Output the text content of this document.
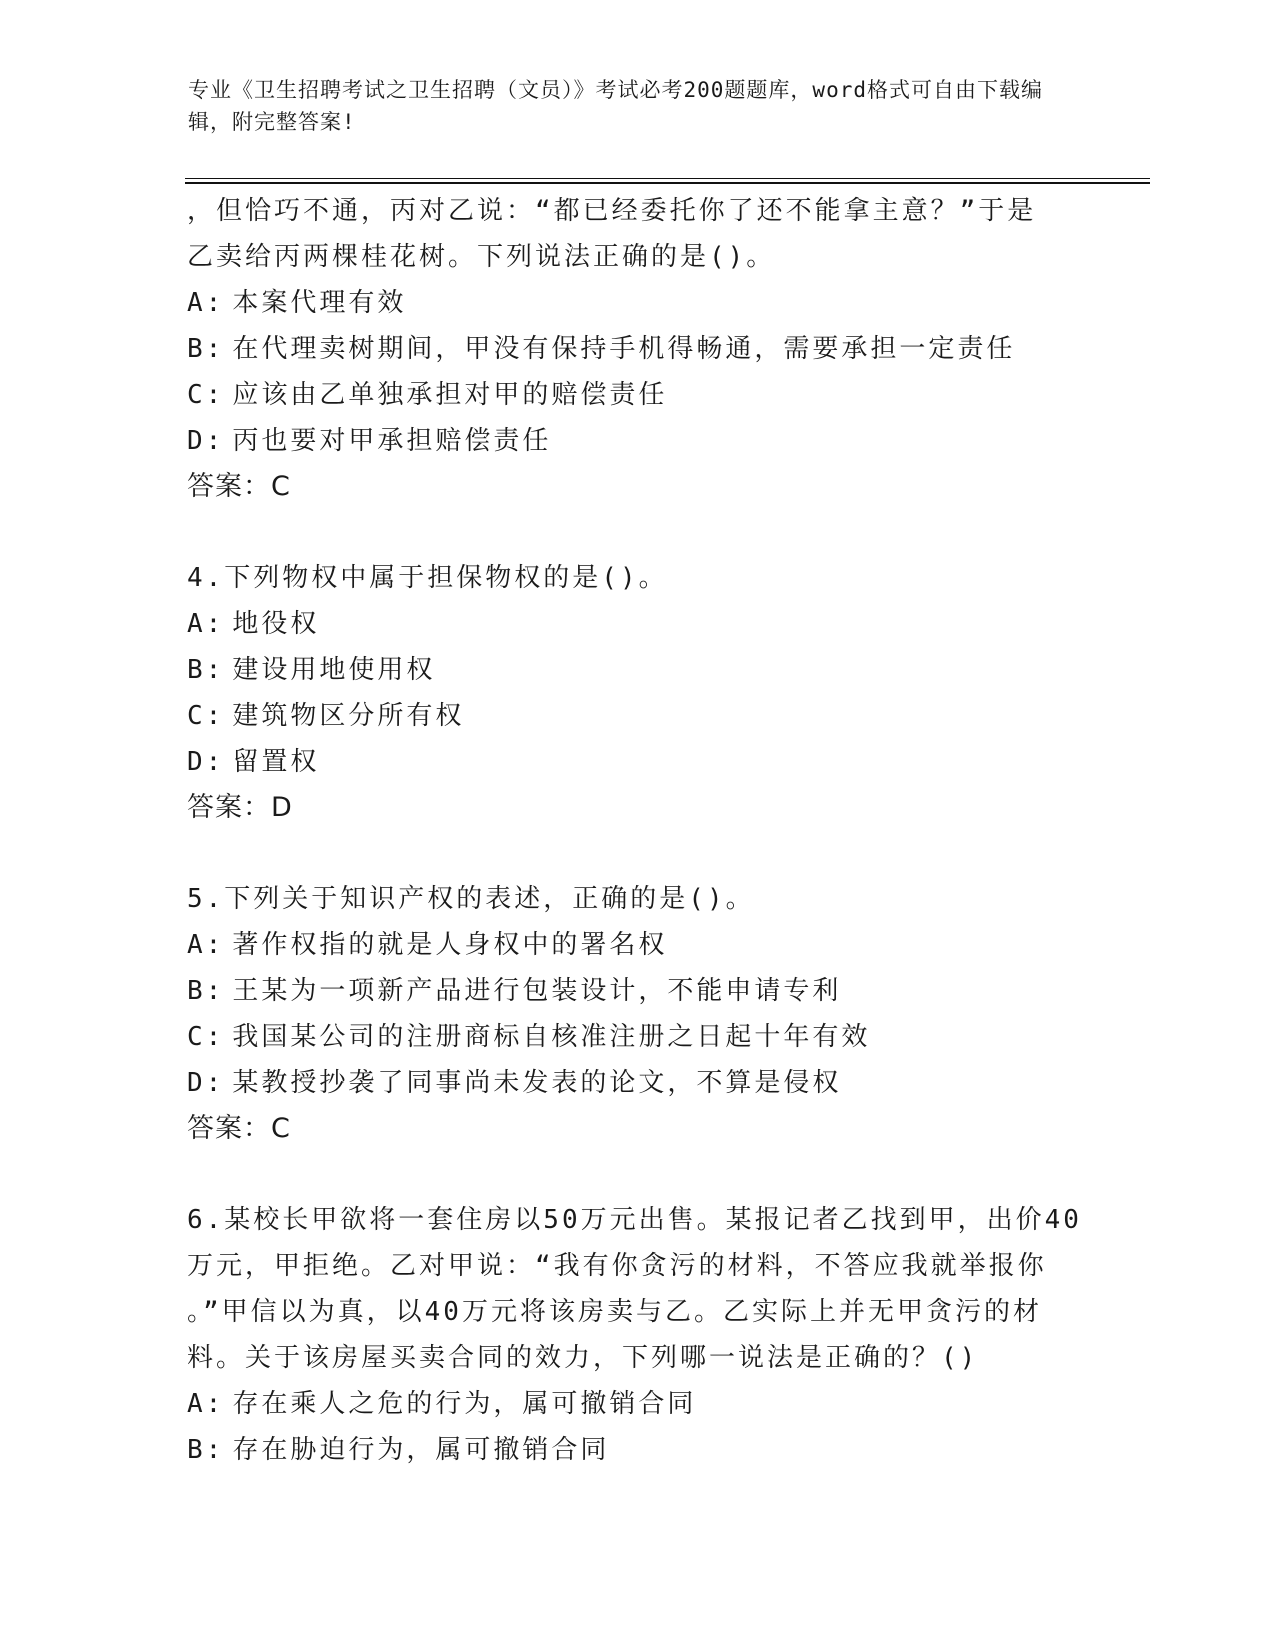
专业《卫生招聘考试之卫生招聘（文员）》考试必考200题题库，word格式可自由下载编辑，附完整答案!
，但恰巧不通，丙对乙说：“都已经委托你了还不能拿主意？”于是
乙卖给丙两棵桂花树。下列说法正确的是()。
A: 本案代理有效
B: 在代理卖树期间，甲没有保持手机得畅通，需要承担一定责任
C: 应该由乙单独承担对甲的赔偿责任
D: 丙也要对甲承担赔偿责任
答案：C
4.下列物权中属于担保物权的是()。
A: 地役权
B: 建设用地使用权
C: 建筑物区分所有权
D: 留置权
答案：D
5.下列关于知识产权的表述，正确的是()。
A: 著作权指的就是人身权中的署名权
B: 王某为一项新产品进行包装设计，不能申请专利
C: 我国某公司的注册商标自核准注册之日起十年有效
D: 某教授抄袭了同事尚未发表的论文，不算是侵权
答案：C
6.某校长甲欲将一套住房以50万元出售。某报记者乙找到甲，出价40
万元，甲拒绝。乙对甲说：“我有你贪污的材料，不答应我就举报你
。”甲信以为真，以40万元将该房卖与乙。乙实际上并无甲贪污的材
料。关于该房屋买卖合同的效力，下列哪一说法是正确的？()
A: 存在乘人之危的行为，属可撤销合同
B: 存在胁迫行为，属可撤销合同
